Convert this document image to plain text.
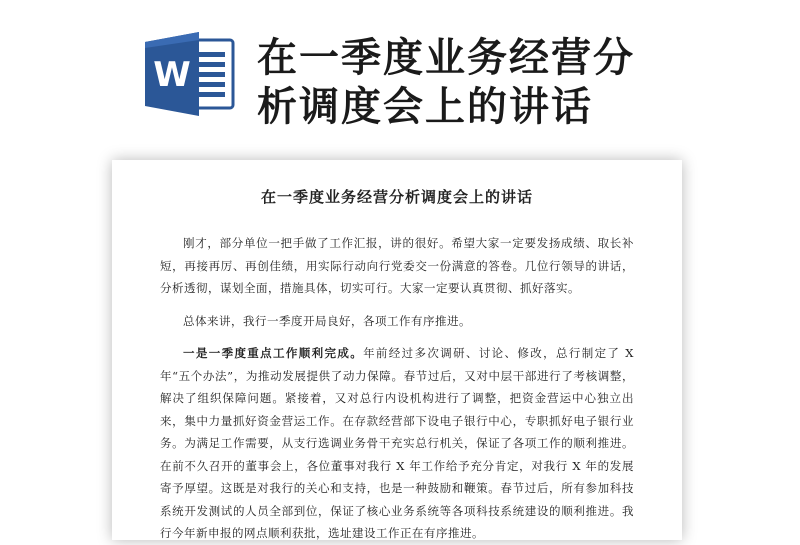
W 在一季度业务经营分
析调度会上的讲话
在一季度业务经营分析调度会上的讲话

刚才，部分单位一把手做了工作汇报，讲的很好。希望大家一定要发扬成绩、取长补短，再接再厉、再创佳绩，用实际行动向行党委交一份满意的答卷。几位行领导的讲话，分析透彻，谋划全面，措施具体，切实可行。大家一定要认真贯彻、抓好落实。

总体来讲，我行一季度开局良好，各项工作有序推进。

一是一季度重点工作顺利完成。年前经过多次调研、讨论、修改，总行制定了 X 年“五个办法”，为推动发展提供了动力保障。春节过后，又对中层干部进行了考核调整，解决了组织保障问题。紧接着，又对总行内设机构进行了调整，把资金营运中心独立出来，集中力量抓好资金营运工作。在存款经营部下设电子银行中心，专职抓好电子银行业务。为满足工作需要，从支行选调业务骨干充实总行机关，保证了各项工作的顺利推进。在前不久召开的董事会上，各位董事对我行 X 年工作给予充分肯定，对我行 X 年的发展寄予厚望。这既是对我行的关心和支持，也是一种鼓励和鞭策。春节过后，所有参加科技系统开发测试的人员全部到位，保证了核心业务系统等各项科技系统建设的顺利推进。我行今年新申报的网点顺利获批，选址建设工作正在有序推进。
